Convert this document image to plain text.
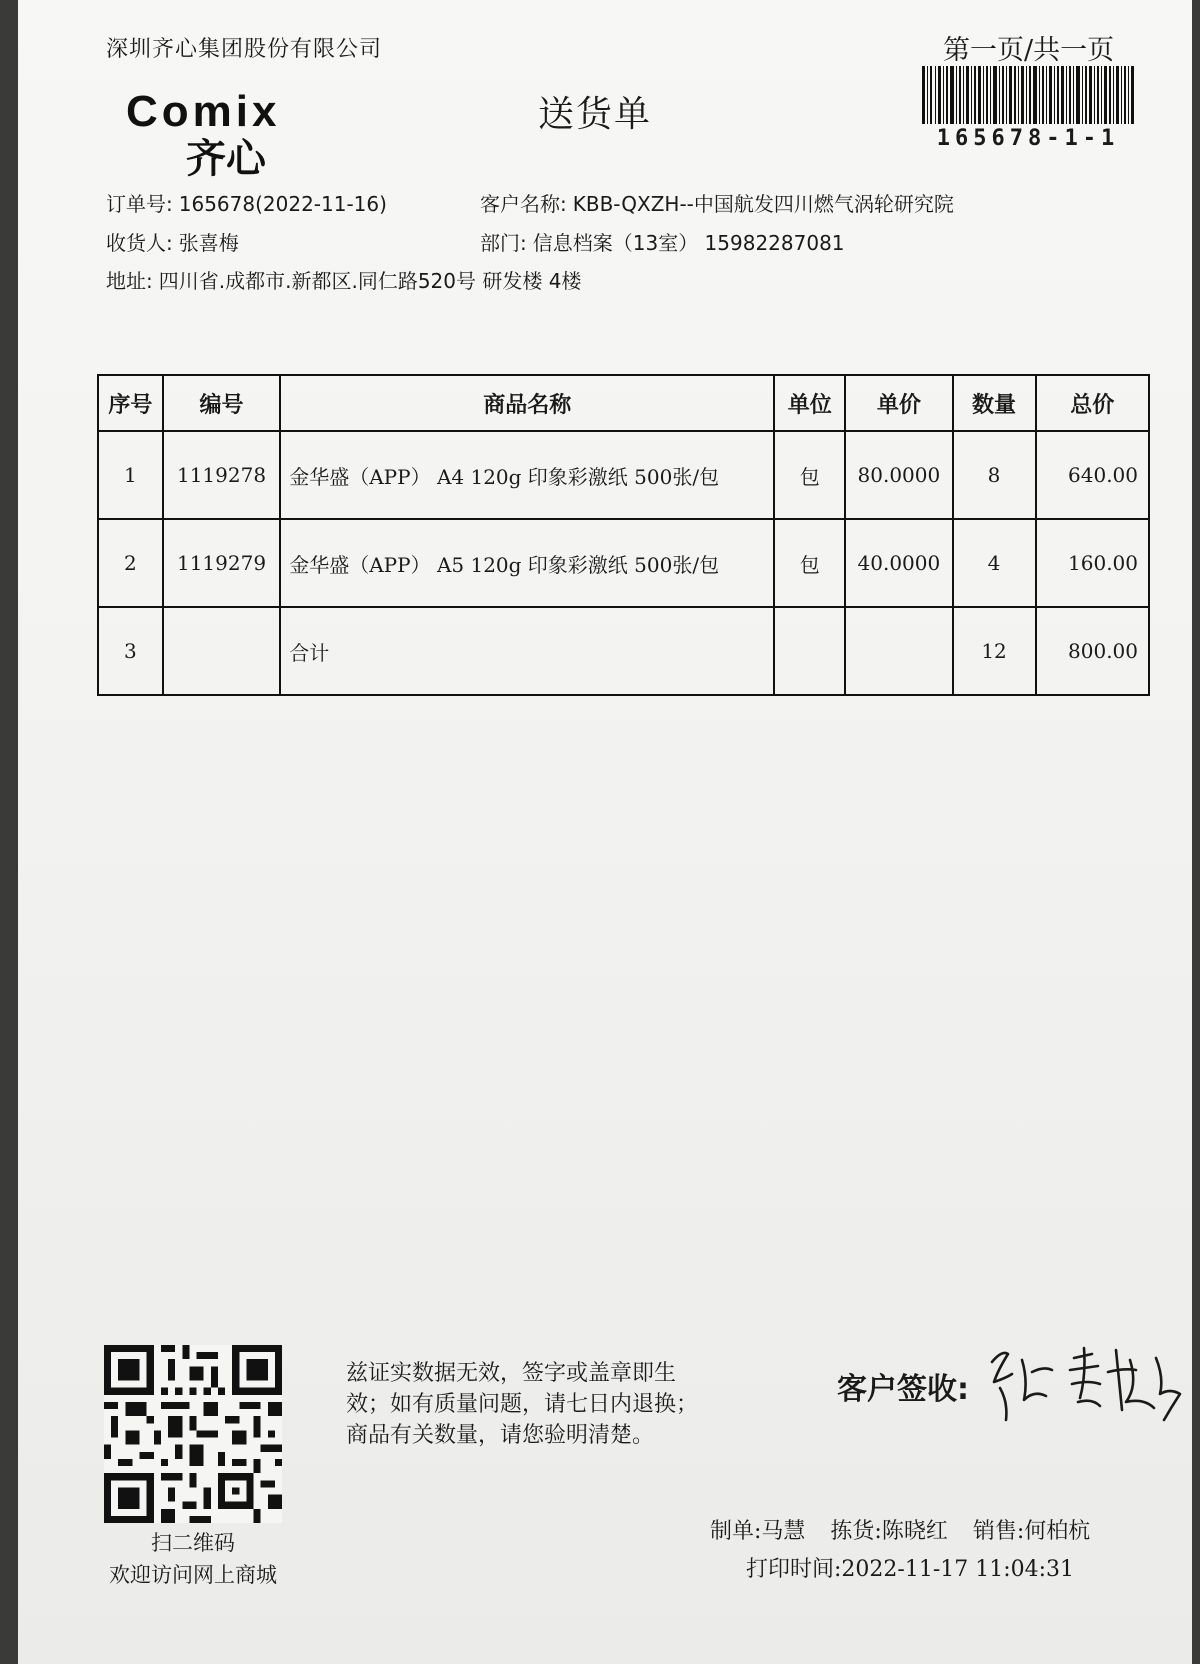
深圳齐心集团股份有限公司	第一页/共一页
165678-1-1
Comix
齐心
送货单
订单号: 165678(2022-11-16)	客户名称: KBB-QXZH--中国航发四川燃气涡轮研究院
收货人: 张喜梅	部门: 信息档案（13室） 15982287081
地址: 四川省.成都市.新都区.同仁路520号 研发楼 4楼
序号	编号	商品名称	单位	单价	数量	总价
1	1119278	金华盛（APP） A4 120g 印象彩激纸 500张/包	包	80.0000	8	640.00
2	1119279	金华盛（APP） A5 120g 印象彩激纸 500张/包	包	40.0000	4	160.00
3		合计			12	800.00
扫二维码
欢迎访问网上商城
兹证实数据无效，签字或盖章即生
效；如有质量问题，请七日内退换；
商品有关数量，请您验明清楚。
客户签收:
制单:马慧 拣货:陈晓红 销售:何柏杭
打印时间:2022-11-17 11:04:31
